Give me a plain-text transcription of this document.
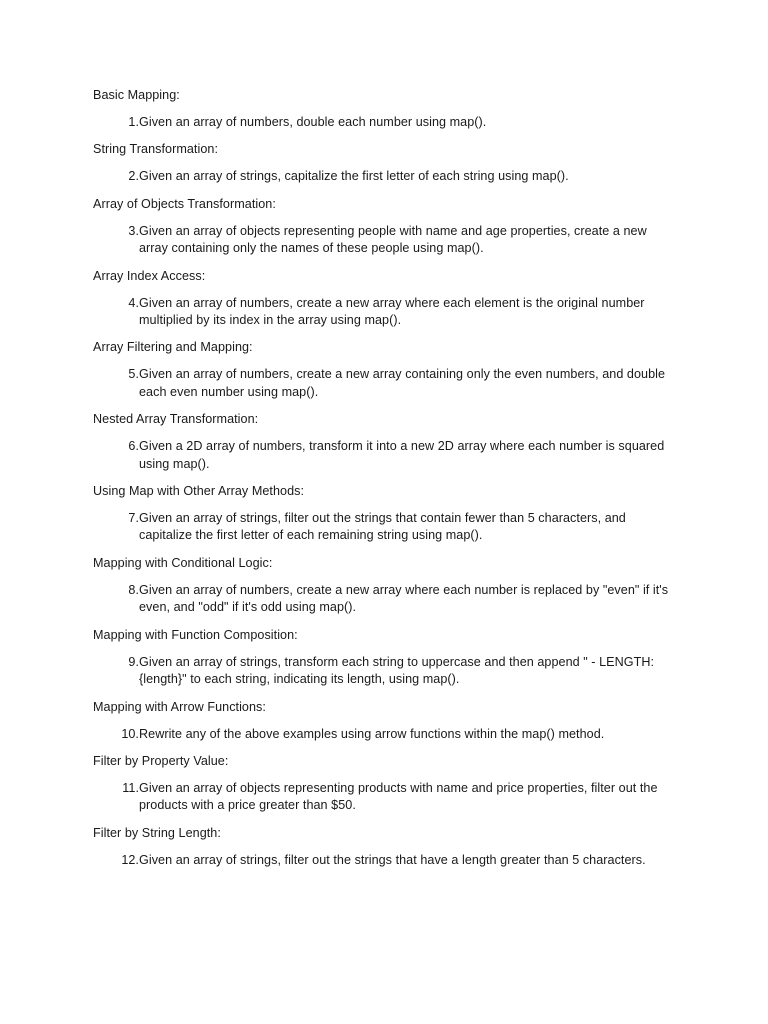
Basic Mapping:
1. Given an array of numbers, double each number using map().
String Transformation:
2. Given an array of strings, capitalize the first letter of each string using map().
Array of Objects Transformation:
3. Given an array of objects representing people with name and age properties, create a new array containing only the names of these people using map().
Array Index Access:
4. Given an array of numbers, create a new array where each element is the original number multiplied by its index in the array using map().
Array Filtering and Mapping:
5. Given an array of numbers, create a new array containing only the even numbers, and double each even number using map().
Nested Array Transformation:
6. Given a 2D array of numbers, transform it into a new 2D array where each number is squared using map().
Using Map with Other Array Methods:
7. Given an array of strings, filter out the strings that contain fewer than 5 characters, and capitalize the first letter of each remaining string using map().
Mapping with Conditional Logic:
8. Given an array of numbers, create a new array where each number is replaced by "even" if it's even, and "odd" if it's odd using map().
Mapping with Function Composition:
9. Given an array of strings, transform each string to uppercase and then append " - LENGTH: {length}" to each string, indicating its length, using map().
Mapping with Arrow Functions:
10. Rewrite any of the above examples using arrow functions within the map() method.
Filter by Property Value:
11. Given an array of objects representing products with name and price properties, filter out the products with a price greater than $50.
Filter by String Length:
12. Given an array of strings, filter out the strings that have a length greater than 5 characters.
